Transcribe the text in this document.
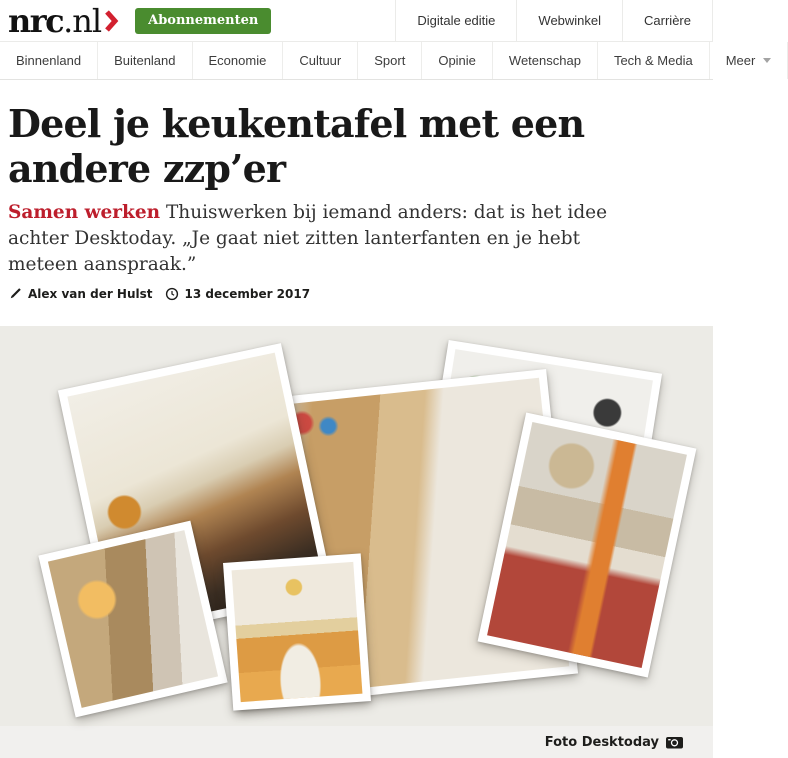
nrc .nl	Abonnementen	Digitale editie	Webwinkel	Carrière
Binnenland	Buitenland	Economie	Cultuur	Sport	Opinie	Wetenschap	Tech & Media	Meer
Deel je keukentafel met een
andere zzp’er

Samen werken Thuiswerken bij iemand anders: dat is het idee achter Desktoday. „Je gaat niet zitten lanterfanten en je hebt meteen aanspraak.”

Alex van der Hulst	13 december 2017
Foto Desktoday
